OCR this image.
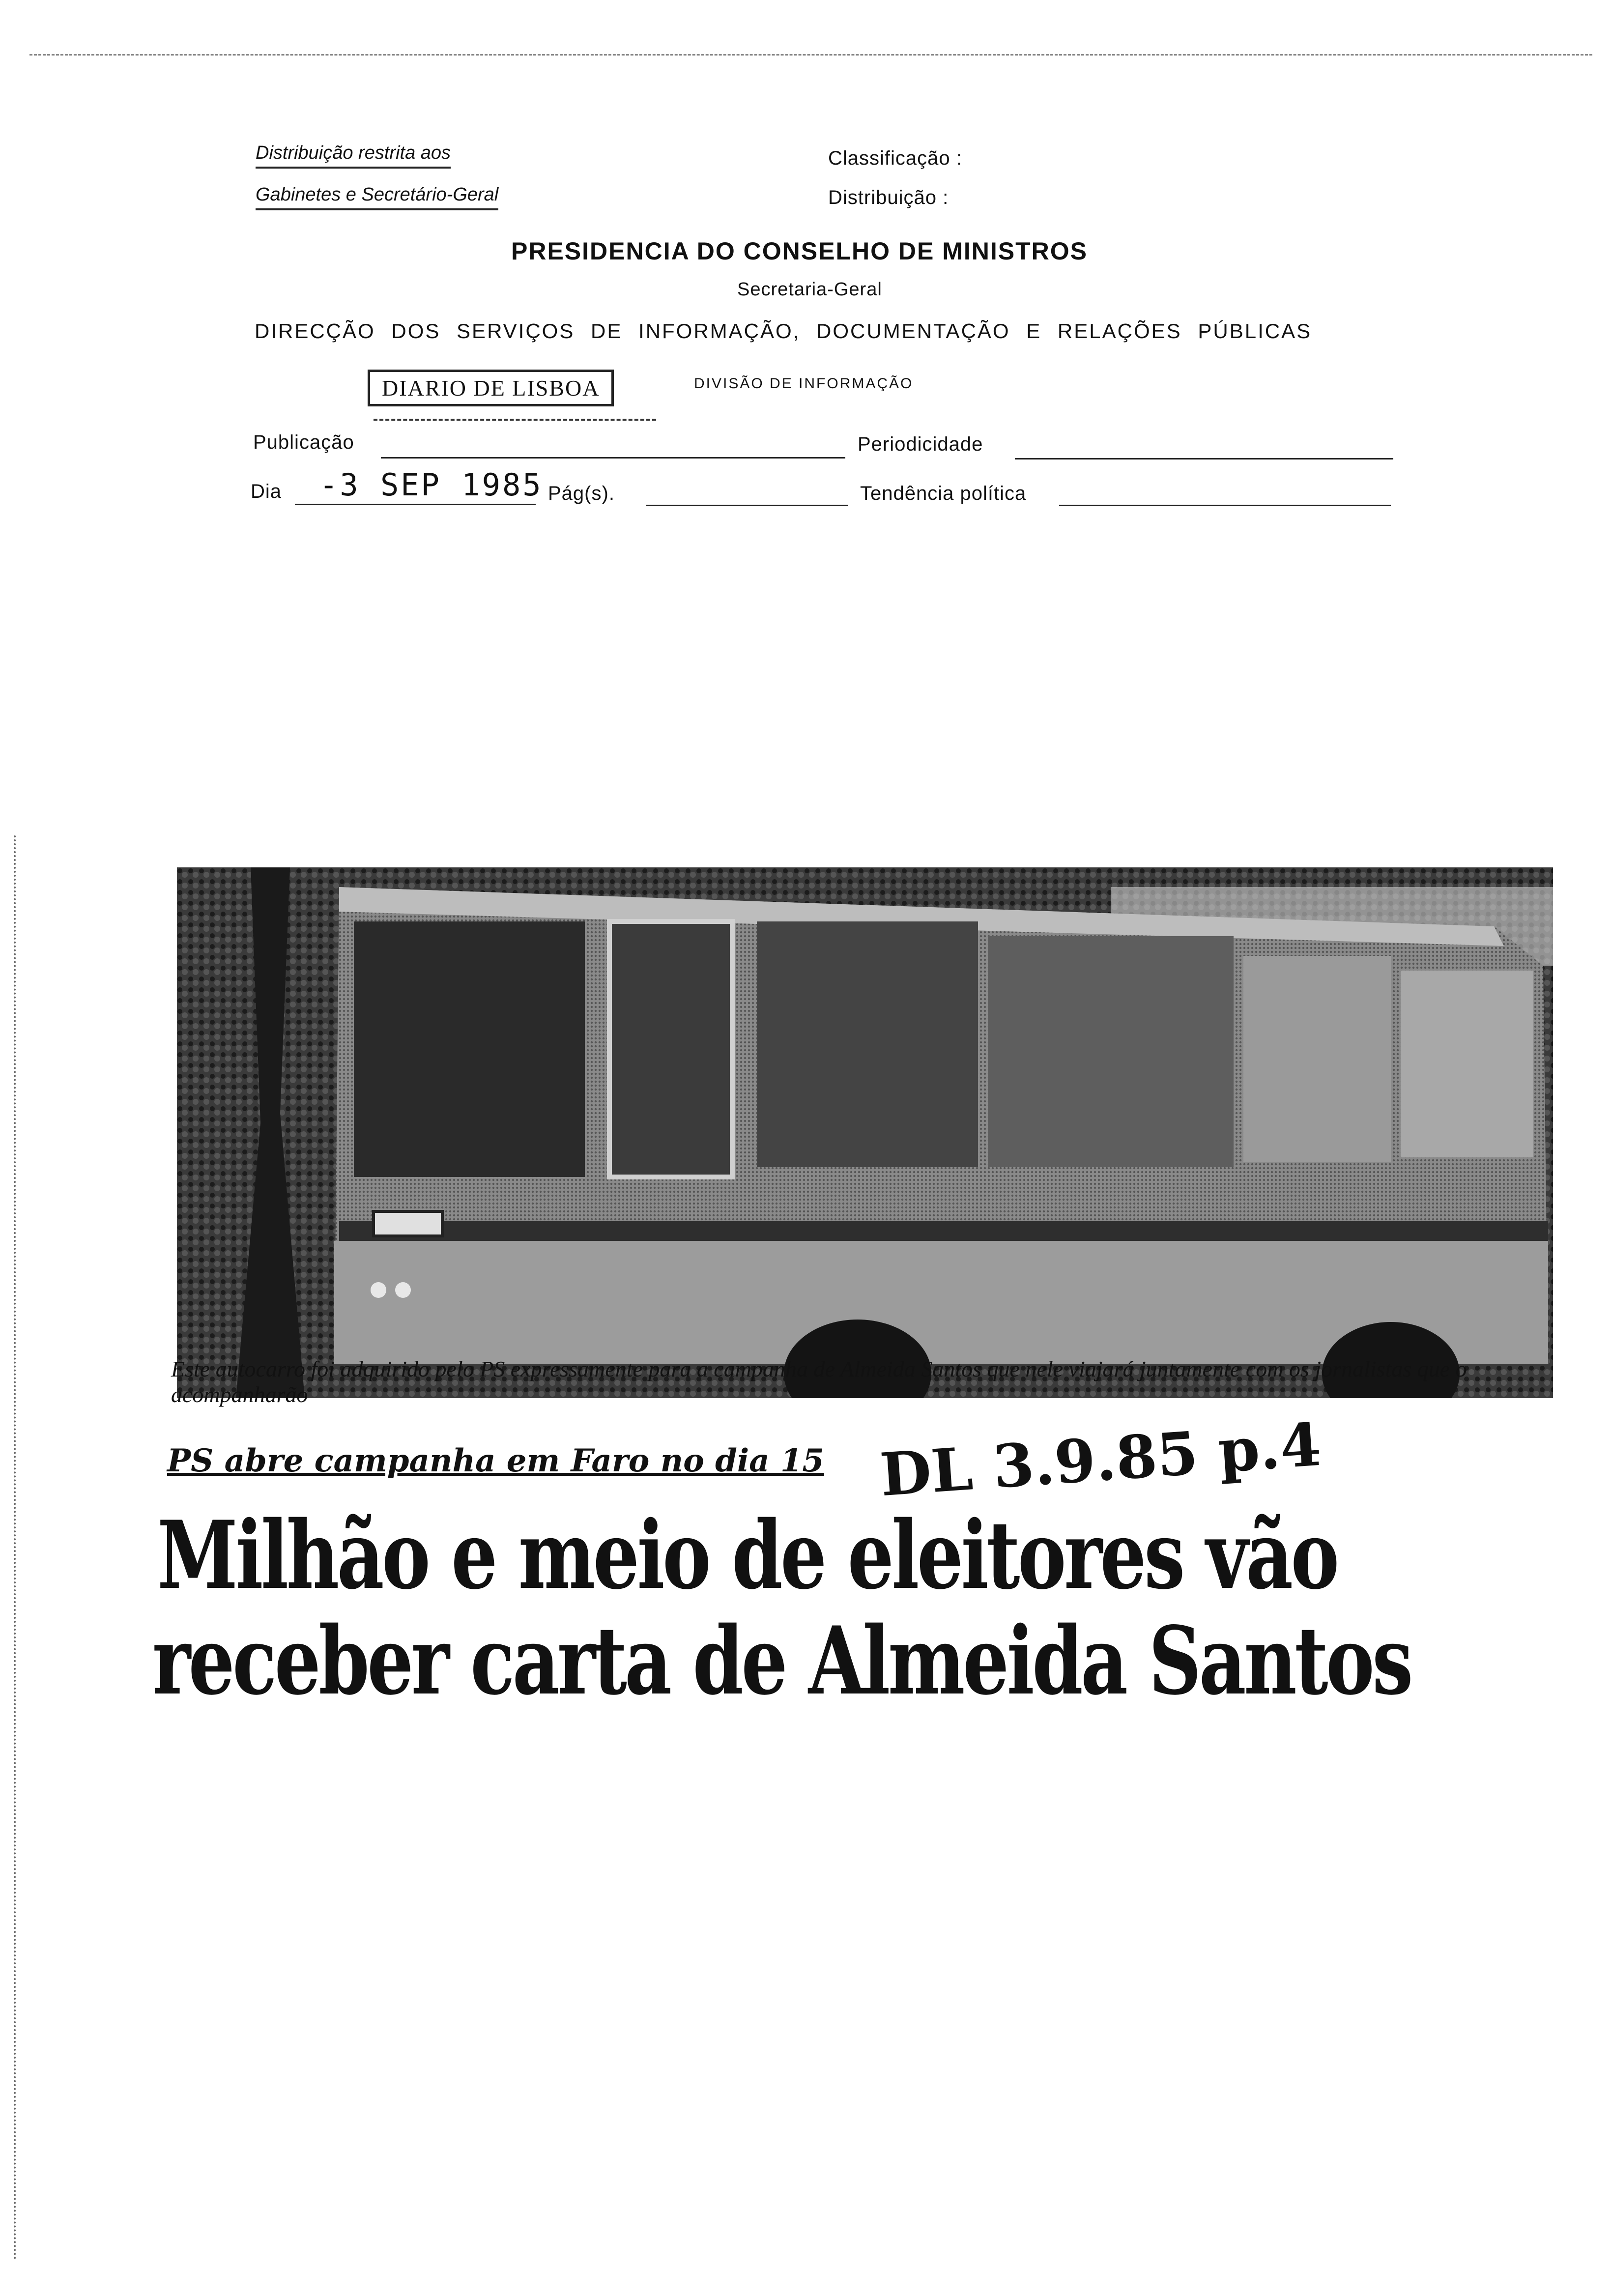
Distribuição restrita aos
Gabinetes e Secretário-Geral
Classificação :
Distribuição :
PRESIDENCIA DO CONSELHO DE MINISTROS
Secretaria-Geral
DIRECÇÃO DOS SERVIÇOS DE INFORMAÇÃO, DOCUMENTAÇÃO E RELAÇÕES PÚBLICAS
DIARIO DE LISBOA	DIVISÃO DE INFORMAÇÃO
Publicação	Periodicidade
Dia -3 SEP 1985 Pág(s).	Tendência política
Este autocarro foi adquirido pelo PS expressamente para a campanha de Almeida Santos que nele viajará juntamente com os jornalistas que o acompanharão
PS abre campanha em Faro no dia 15 DL 3.9.85 p.4
Milhão e meio de eleitores vão
receber carta de Almeida Santos
